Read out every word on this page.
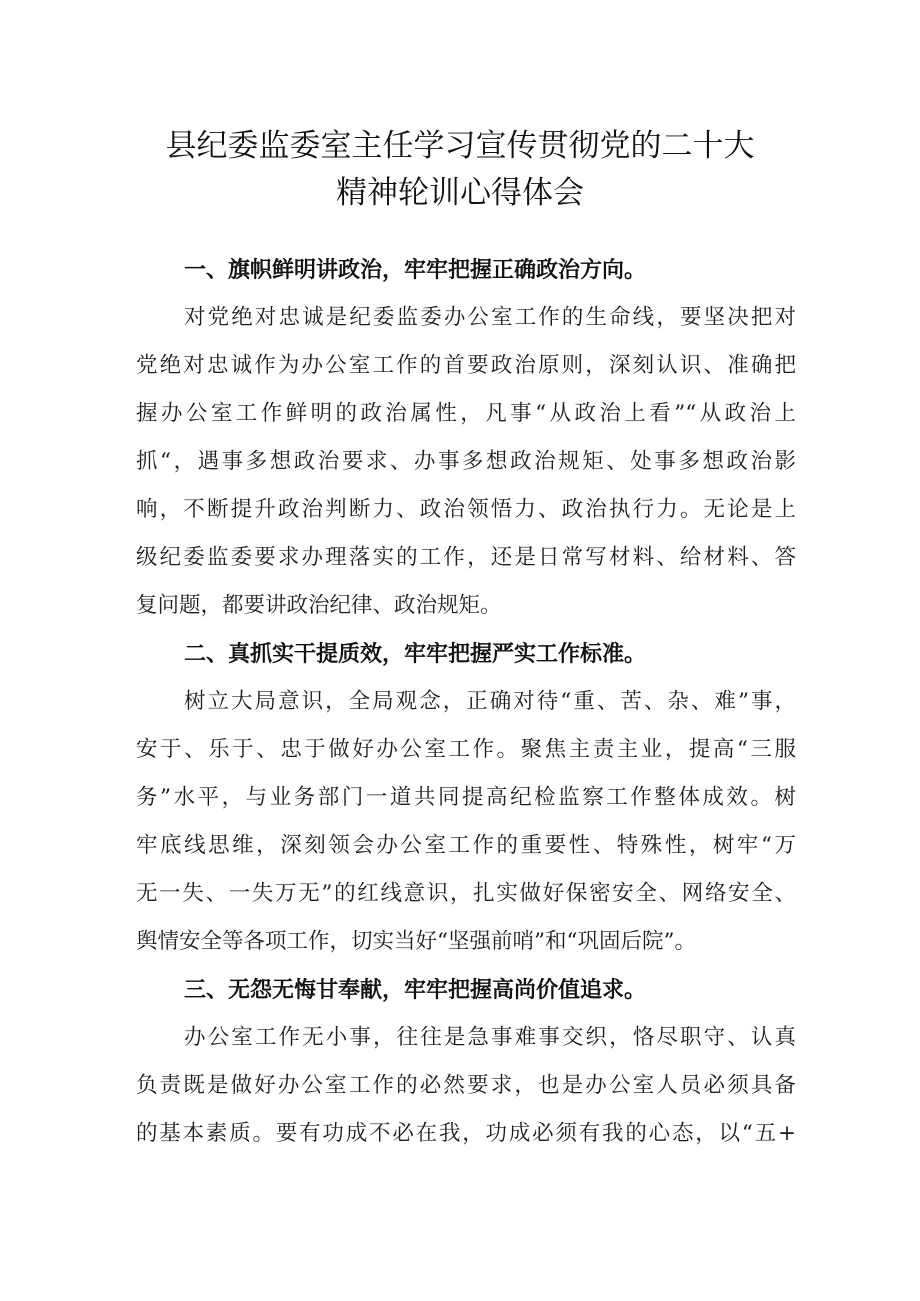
县纪委监委室主任学习宣传贯彻党的二十大
精神轮训心得体会
一、旗帜鲜明讲政治，牢牢把握正确政治方向。
对党绝对忠诚是纪委监委办公室工作的生命线，要坚决把对
党绝对忠诚作为办公室工作的首要政治原则，深刻认识、准确把
握办公室工作鲜明的政治属性，凡事“从政治上看”“从政治上
抓“，遇事多想政治要求、办事多想政治规矩、处事多想政治影
响，不断提升政治判断力、政治领悟力、政治执行力。无论是上
级纪委监委要求办理落实的工作，还是日常写材料、给材料、答
复问题，都要讲政治纪律、政治规矩。
二、真抓实干提质效，牢牢把握严实工作标准。
树立大局意识，全局观念，正确对待“重、苦、杂、难”事，
安于、乐于、忠于做好办公室工作。聚焦主责主业，提高“三服
务”水平，与业务部门一道共同提高纪检监察工作整体成效。树
牢底线思维，深刻领会办公室工作的重要性、特殊性，树牢“万
无一失、一失万无”的红线意识，扎实做好保密安全、网络安全、
舆情安全等各项工作，切实当好“坚强前哨”和“巩固后院”。
三、无怨无悔甘奉献，牢牢把握高尚价值追求。
办公室工作无小事，往往是急事难事交织，恪尽职守、认真
负责既是做好办公室工作的必然要求，也是办公室人员必须具备
的基本素质。要有功成不必在我，功成必须有我的心态，以“五+
